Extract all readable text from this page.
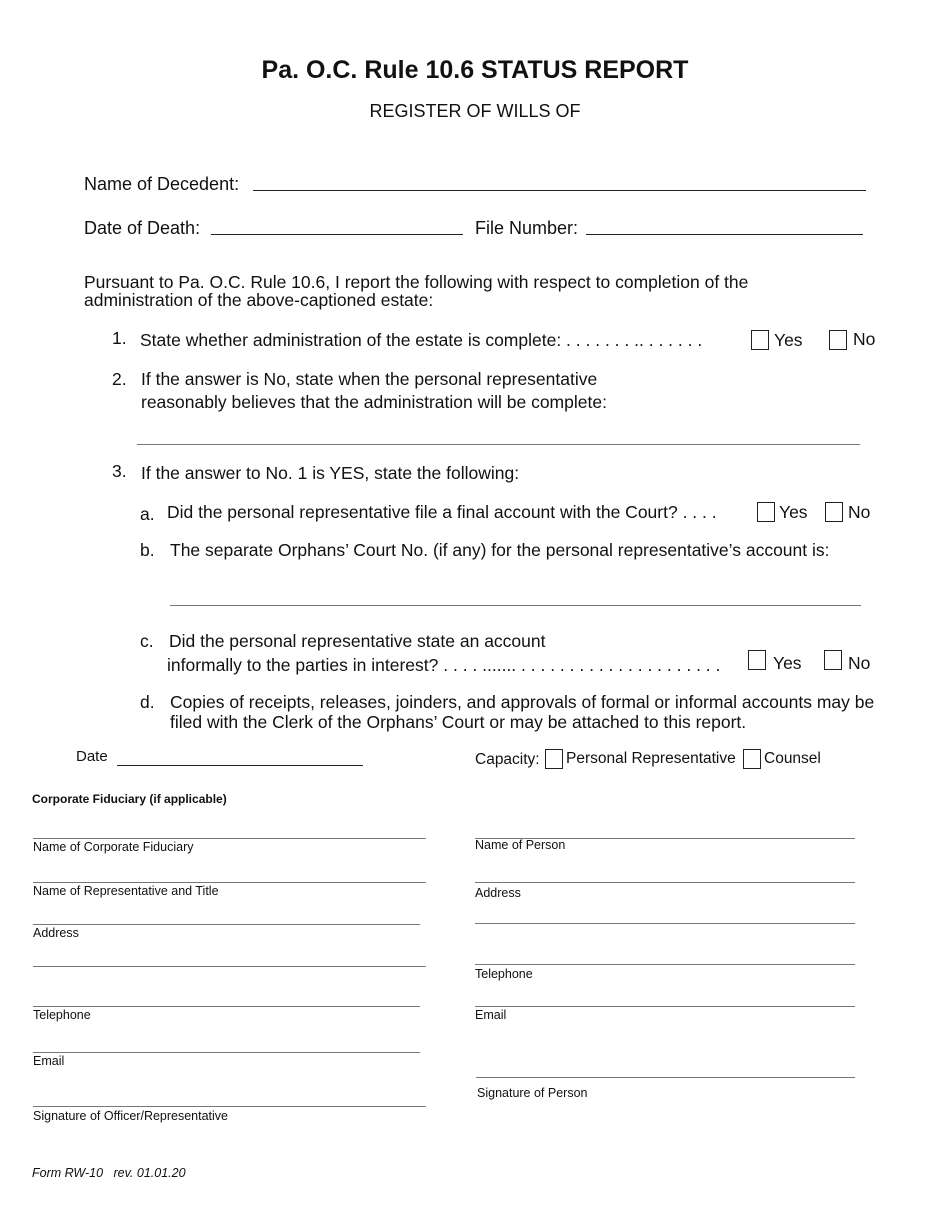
Pa. O.C. Rule 10.6 STATUS REPORT
REGISTER OF WILLS OF
Name of Decedent:
Date of Death:	File Number:
Pursuant to Pa. O.C. Rule 10.6, I report the following with respect to completion of the
administration of the above-captioned estate:
1. State whether administration of the estate is complete: . . . . . . . .. . . . . . .	Yes	No
2. If the answer is No, state when the personal representative
reasonably believes that the administration will be complete:
3. If the answer to No. 1 is YES, state the following:
a. Did the personal representative file a final account with the Court? . . . .	Yes No
b. The separate Orphans’ Court No. (if any) for the personal representative’s account is:
c. Did the personal representative state an account
informally to the parties in interest? . . . . ....... . . . . . . . . . . . . . . . . . . . . .	Yes	No
d. Copies of receipts, releases, joinders, and approvals of formal or informal accounts may be
filed with the Clerk of the Orphans’ Court or may be attached to this report.
Date	Capacity: Personal Representative Counsel
Corporate Fiduciary (if applicable)
Name of Corporate Fiduciary
Name of Representative and Title
Address
Telephone
Email
Signature of Officer/Representative
Name of Person
Address
Telephone
Email
Signature of Person
Form RW-10   rev. 01.01.20
